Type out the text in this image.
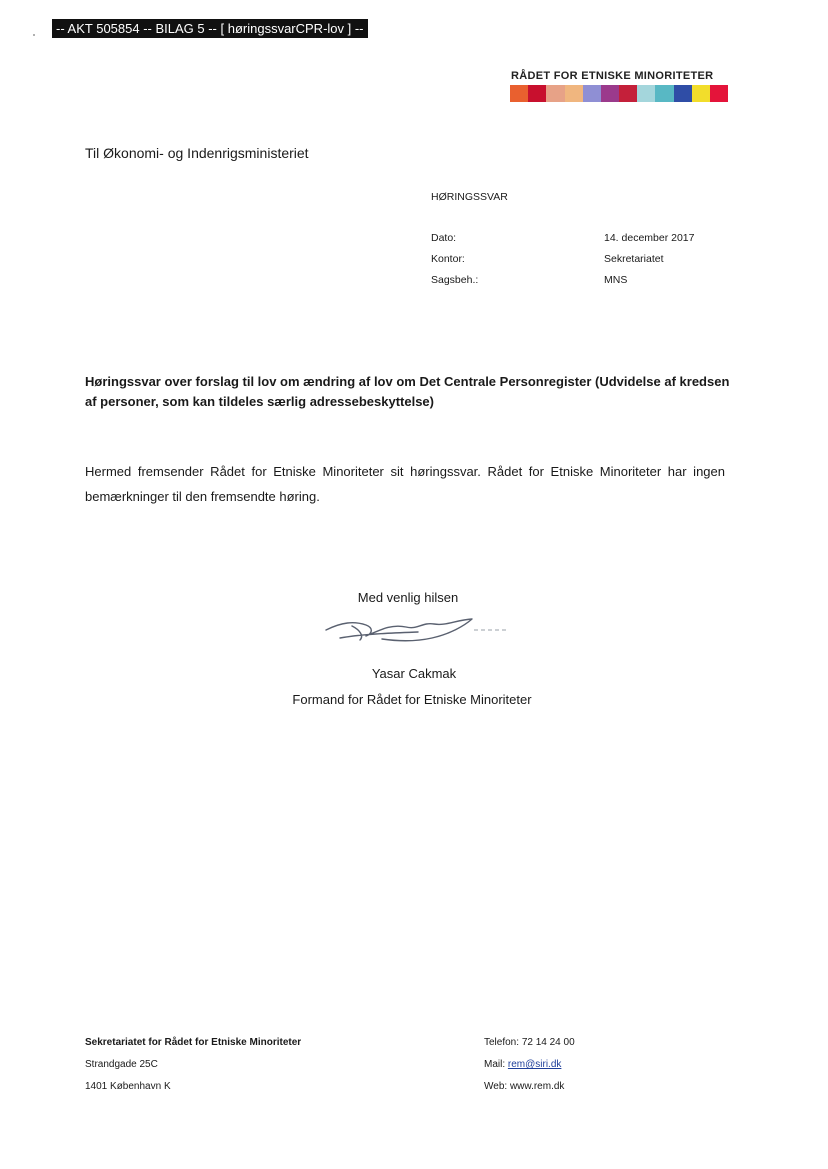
-- AKT 505854 -- BILAG 5 -- [ høringssvarCPR-lov ] --
RÅDET FOR ETNISKE MINORITETER
Til Økonomi- og Indenrigsministeriet
HØRINGSSVAR
Dato:	14. december 2017
Kontor:	Sekretariatet
Sagsbeh.:	MNS
Høringssvar over forslag til lov om ændring af lov om Det Centrale Personregister (Udvidelse af kredsen af personer, som kan tildeles særlig adressebeskyttelse)
Hermed fremsender Rådet for Etniske Minoriteter sit høringssvar. Rådet for Etniske Minoriteter har ingen bemærkninger til den fremsendte høring.
Med venlig hilsen
Yasar Cakmak
Formand for Rådet for Etniske Minoriteter
Sekretariatet for Rådet for Etniske Minoriteter
Strandgade 25C
1401 København K
Telefon: 72 14 24 00
Mail: rem@siri.dk
Web: www.rem.dk
